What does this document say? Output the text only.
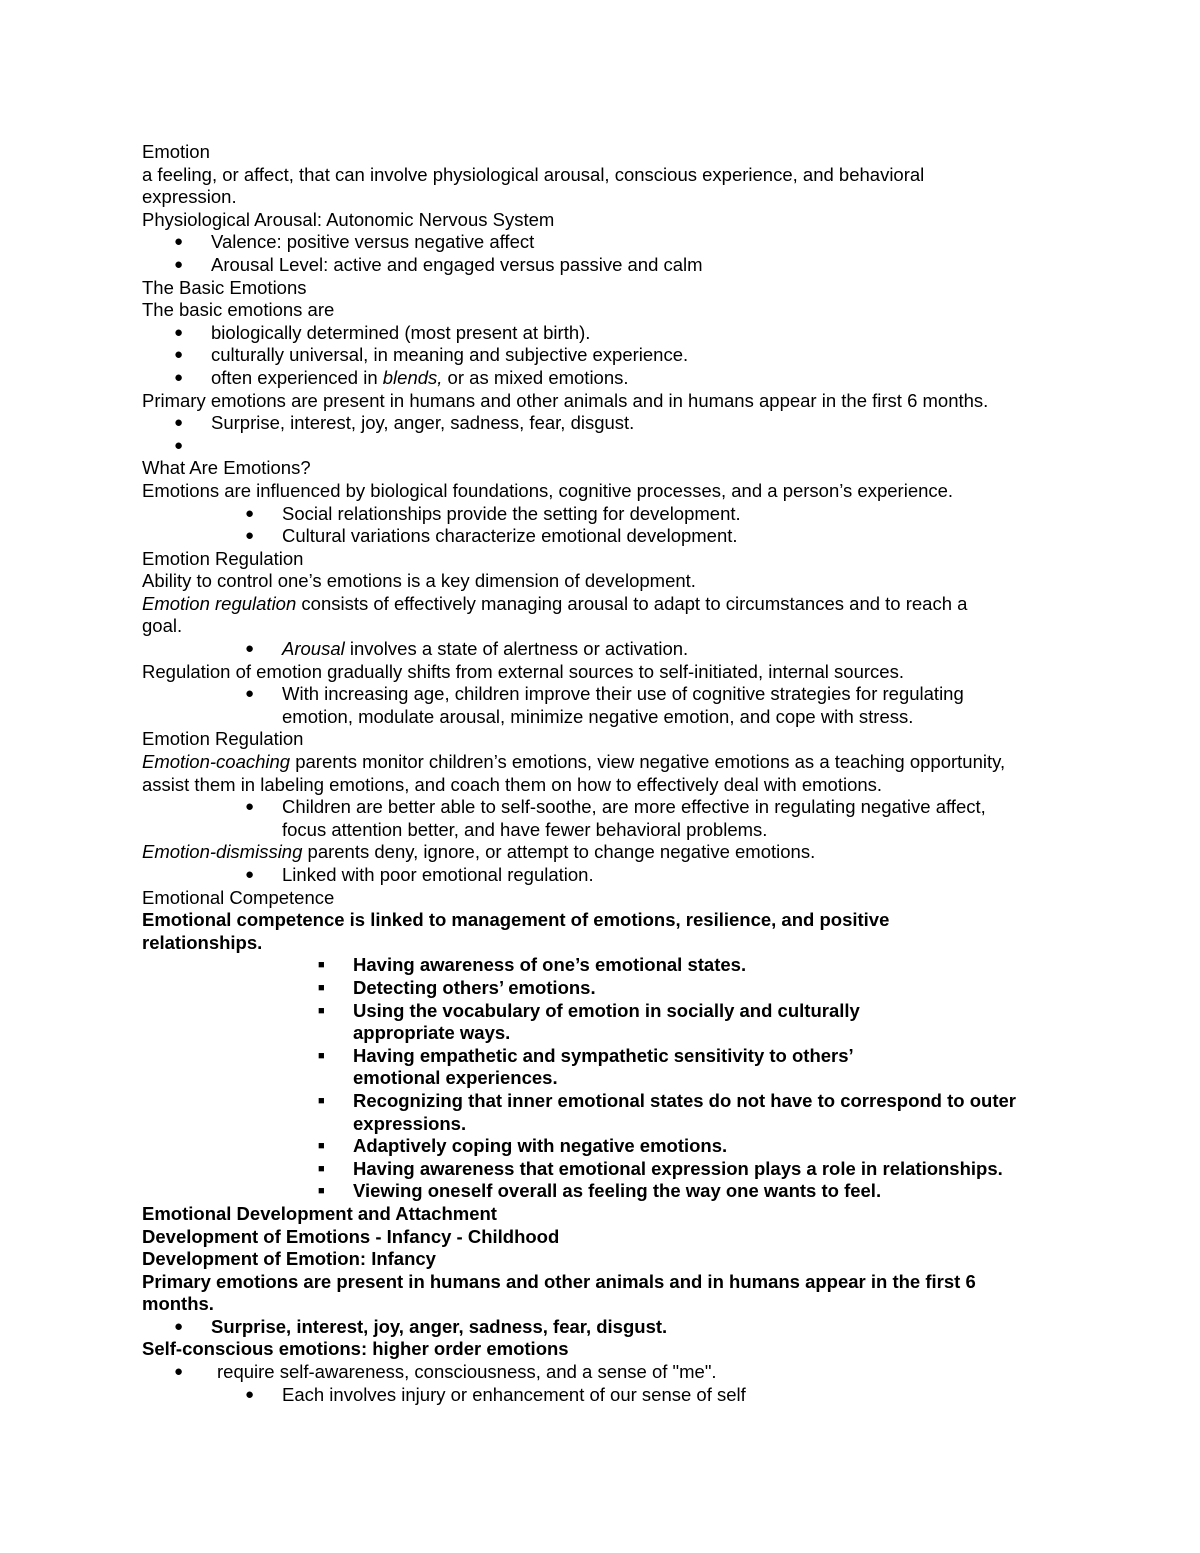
Emotion
a feeling, or affect, that can involve physiological arousal, conscious experience, and behavioral
expression.
Physiological Arousal: Autonomic Nervous System
● Valence: positive versus negative affect
● Arousal Level: active and engaged versus passive and calm
The Basic Emotions
The basic emotions are
● biologically determined (most present at birth).
● culturally universal, in meaning and subjective experience.
● often experienced in blends, or as mixed emotions.
Primary emotions are present in humans and other animals and in humans appear in the first 6 months.
● Surprise, interest, joy, anger, sadness, fear, disgust.
●
What Are Emotions?
Emotions are influenced by biological foundations, cognitive processes, and a person’s experience.
● Social relationships provide the setting for development.
● Cultural variations characterize emotional development.
Emotion Regulation
Ability to control one’s emotions is a key dimension of development.
Emotion regulation consists of effectively managing arousal to adapt to circumstances and to reach a
goal.
● Arousal involves a state of alertness or activation.
Regulation of emotion gradually shifts from external sources to self-initiated, internal sources.
● With increasing age, children improve their use of cognitive strategies for regulating
emotion, modulate arousal, minimize negative emotion, and cope with stress.
Emotion Regulation
Emotion-coaching parents monitor children’s emotions, view negative emotions as a teaching opportunity,
assist them in labeling emotions, and coach them on how to effectively deal with emotions.
● Children are better able to self-soothe, are more effective in regulating negative affect,
focus attention better, and have fewer behavioral problems.
Emotion-dismissing parents deny, ignore, or attempt to change negative emotions.
● Linked with poor emotional regulation.
Emotional Competence
Emotional competence is linked to management of emotions, resilience, and positive
relationships.
■ Having awareness of one’s emotional states.
■ Detecting others’ emotions.
■ Using the vocabulary of emotion in socially and culturally
appropriate ways.
■ Having empathetic and sympathetic sensitivity to others’
emotional experiences.
■ Recognizing that inner emotional states do not have to correspond to outer
expressions.
■ Adaptively coping with negative emotions.
■ Having awareness that emotional expression plays a role in relationships.
■ Viewing oneself overall as feeling the way one wants to feel.
Emotional Development and Attachment
Development of Emotions - Infancy - Childhood
Development of Emotion: Infancy
Primary emotions are present in humans and other animals and in humans appear in the first 6
months.
● Surprise, interest, joy, anger, sadness, fear, disgust.
Self-conscious emotions: higher order emotions
● require self-awareness, consciousness, and a sense of "me".
● Each involves injury or enhancement of our sense of self
